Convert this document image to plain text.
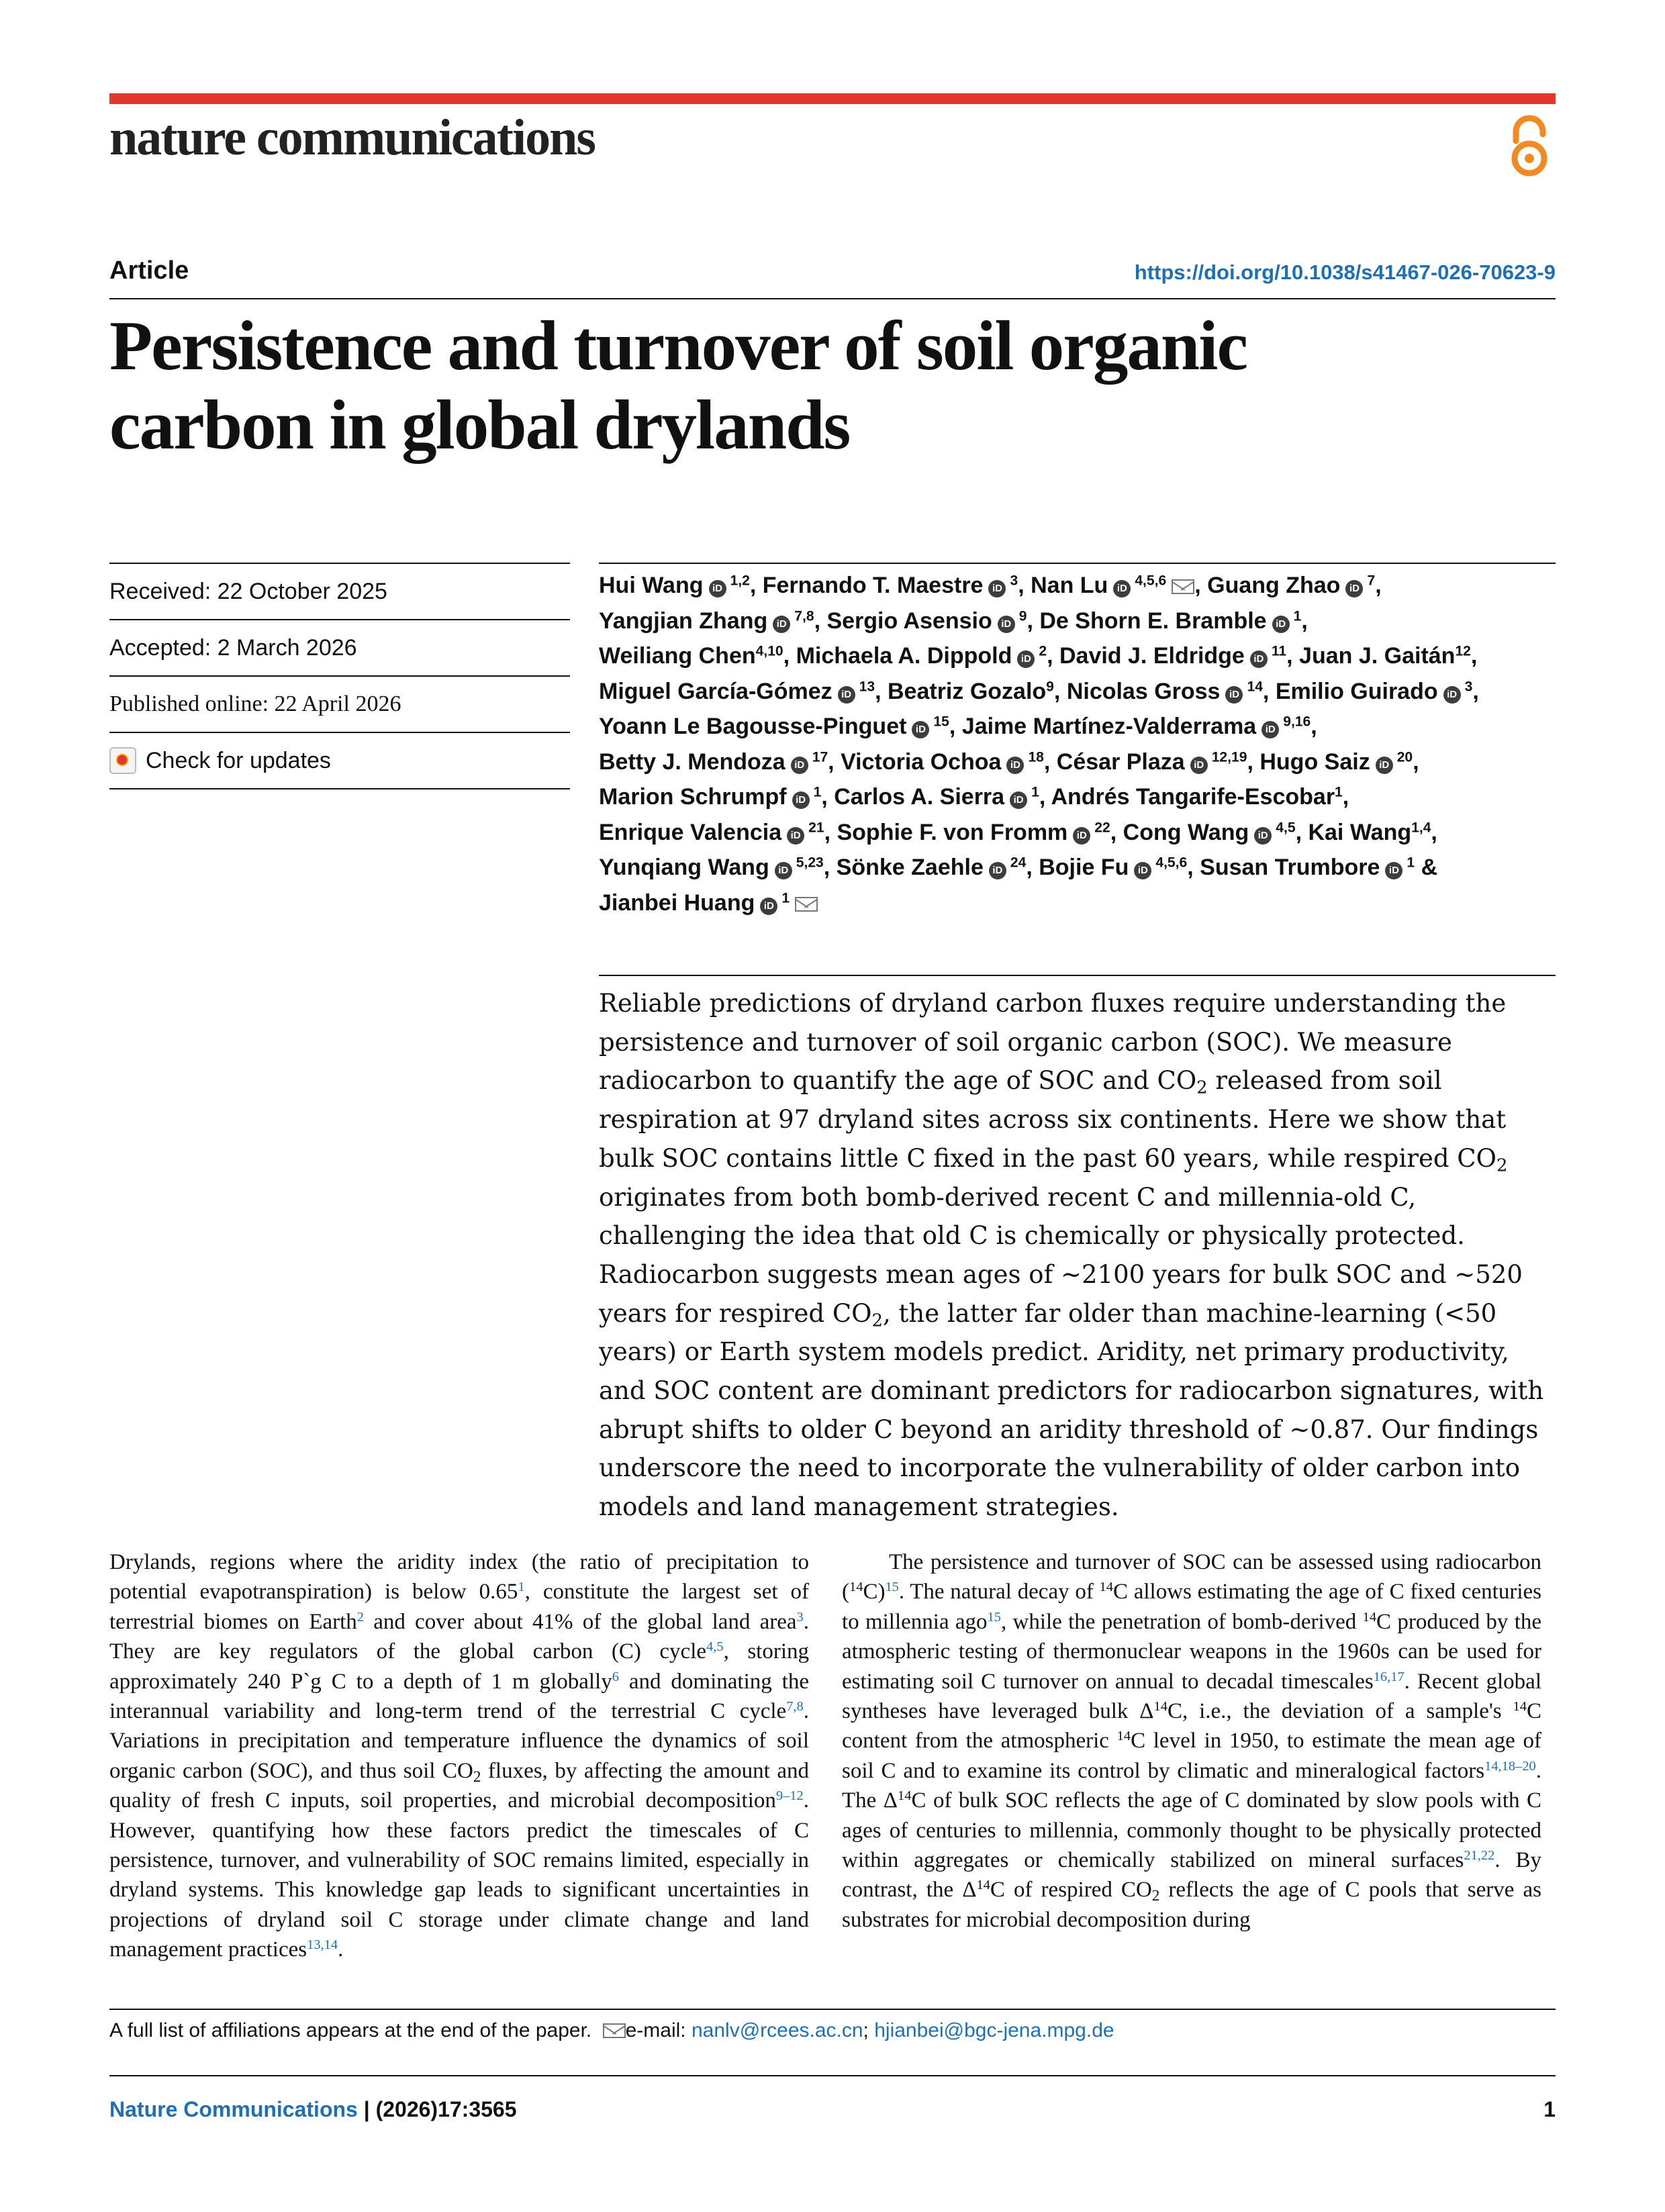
nature communications
Article	https://doi.org/10.1038/s41467-026-70623-9
Persistence and turnover of soil organic
carbon in global drylands
Received: 22 October 2025
Accepted: 2 March 2026
Published online: 22 April 2026
Check for updates
Hui Wang iD$^{1,2}$, Fernando T. Maestre $iD^3$, Nan Lu iD$^{4,5,6}$ , Guang Zhao $iD^7$,
Yangjian Zhang iD$^{7,8}$, Sergio Asensio $iD^9$, De Shorn E. Bramble $iD^1$,
Weiliang Chen$^{4,10}$, Michaela A. Dippold $iD^2$, David J. Eldridge $iD^{11}$, Juan J. Gaitán$^{12}$,
Miguel García-Gómez $iD^{13}$, Beatriz Gozalo$^9$, Nicolas Gross $iD^{14}$, Emilio Guirado $iD^3$,
Yoann Le Bagousse-Pinguet $iD^{15}$, Jaime Martínez-Valderrama iD$^{9,16}$,
Betty J. Mendoza $iD^{17}$, Victoria Ochoa $iD^{18}$, César Plaza iD$^{12,19}$, Hugo Saiz $iD^{20}$,
Marion Schrumpf $iD^1$, Carlos A. Sierra $iD^1$, Andrés Tangarife-Escobar$^1$,
Enrique Valencia $iD^{21}$, Sophie F. von Fromm $iD^{22}$, Cong Wang iD$^{4,5}$, Kai Wang$^{1,4}$,
Yunqiang Wang iD$^{5,23}$, Sönke Zaehle $iD^{24}$, Bojie Fu iD$^{4,5,6}$, Susan Trumbore $iD^1$ &
Jianbei Huang $iD^1$

Reliable predictions of dryland carbon fluxes require understanding the persistence and turnover of soil organic carbon (SOC). We measure radiocarbon to quantify the age of SOC and $CO_2$ released from soil respiration at 97 dryland sites across six continents. Here we show that bulk SOC contains little C fixed in the past 60 years, while respired $CO_2$ originates from both bomb-derived recent C and millennia-old C, challenging the idea that old C is chemically or physically protected. Radiocarbon suggests mean ages of ~2100 years for bulk SOC and ~520 years for respired $CO_2$, the latter far older than machine-learning (<50 years) or Earth system models predict. Aridity, net primary productivity, and SOC content are dominant predictors for radiocarbon signatures, with abrupt shifts to older C beyond an aridity threshold of ~0.87. Our findings underscore the need to incorporate the vulnerability of older carbon into models and land management strategies.

Drylands, regions where the aridity index (the ratio of precipitation to potential evapotranspiration) is below 0.65$^1$, constitute the largest set of terrestrial biomes on Earth$^2$ and cover about 41% of the global land area$^3$. They are key regulators of the global carbon (C) cycle$^{4,5}$, storing approximately 240 P`g C to a depth of 1 m globally$^6$ and dominating the interannual variability and long-term trend of the terrestrial C cycle$^{7,8}$. Variations in precipitation and temperature influence the dynamics of soil organic carbon (SOC), and thus soil $CO_2$ fluxes, by affecting the amount and quality of fresh C inputs, soil properties, and microbial decomposition$^{9-12}$. However, quantifying how these factors predict the timescales of C persistence, turnover, and vulnerability of SOC remains limited, especially in dryland systems. This knowledge gap leads to significant uncertainties in projections of dryland soil C storage under climate change and land management practices$^{13,14}$.

The persistence and turnover of SOC can be assessed using radiocarbon $(^{14}C)^{15}$. The natural decay of $^{14}$C allows estimating the age of C fixed centuries to millennia ago$^{15}$, while the penetration of bomb-derived $^{14}$C produced by the atmospheric testing of thermonuclear weapons in the 1960s can be used for estimating soil C turnover on annual to decadal timescales$^{16,17}$. Recent global syntheses have leveraged bulk $\Delta^{14}C$, i.e., the deviation of a sample's $^{14}$C content from the atmospheric $^{14}$C level in 1950, to estimate the mean age of soil C and to examine its control by climatic and mineralogical factors$^{14,18-20}$. The $\Delta^{14}C$ of bulk SOC reflects the age of C dominated by slow pools with C ages of centuries to millennia, commonly thought to be physically protected within aggregates or chemically stabilized on mineral surfaces$^{21,22}$. By contrast, the $\Delta^{14}C$ of respired $CO_2$ reflects the age of C pools that serve as substrates for microbial decomposition during

A full list of affiliations appears at the end of the paper. e-mail: nanlv@rcees.ac.cn; hjianbei@bgc-jena.mpg.de
Nature Communications | (2026)17:3565	1
